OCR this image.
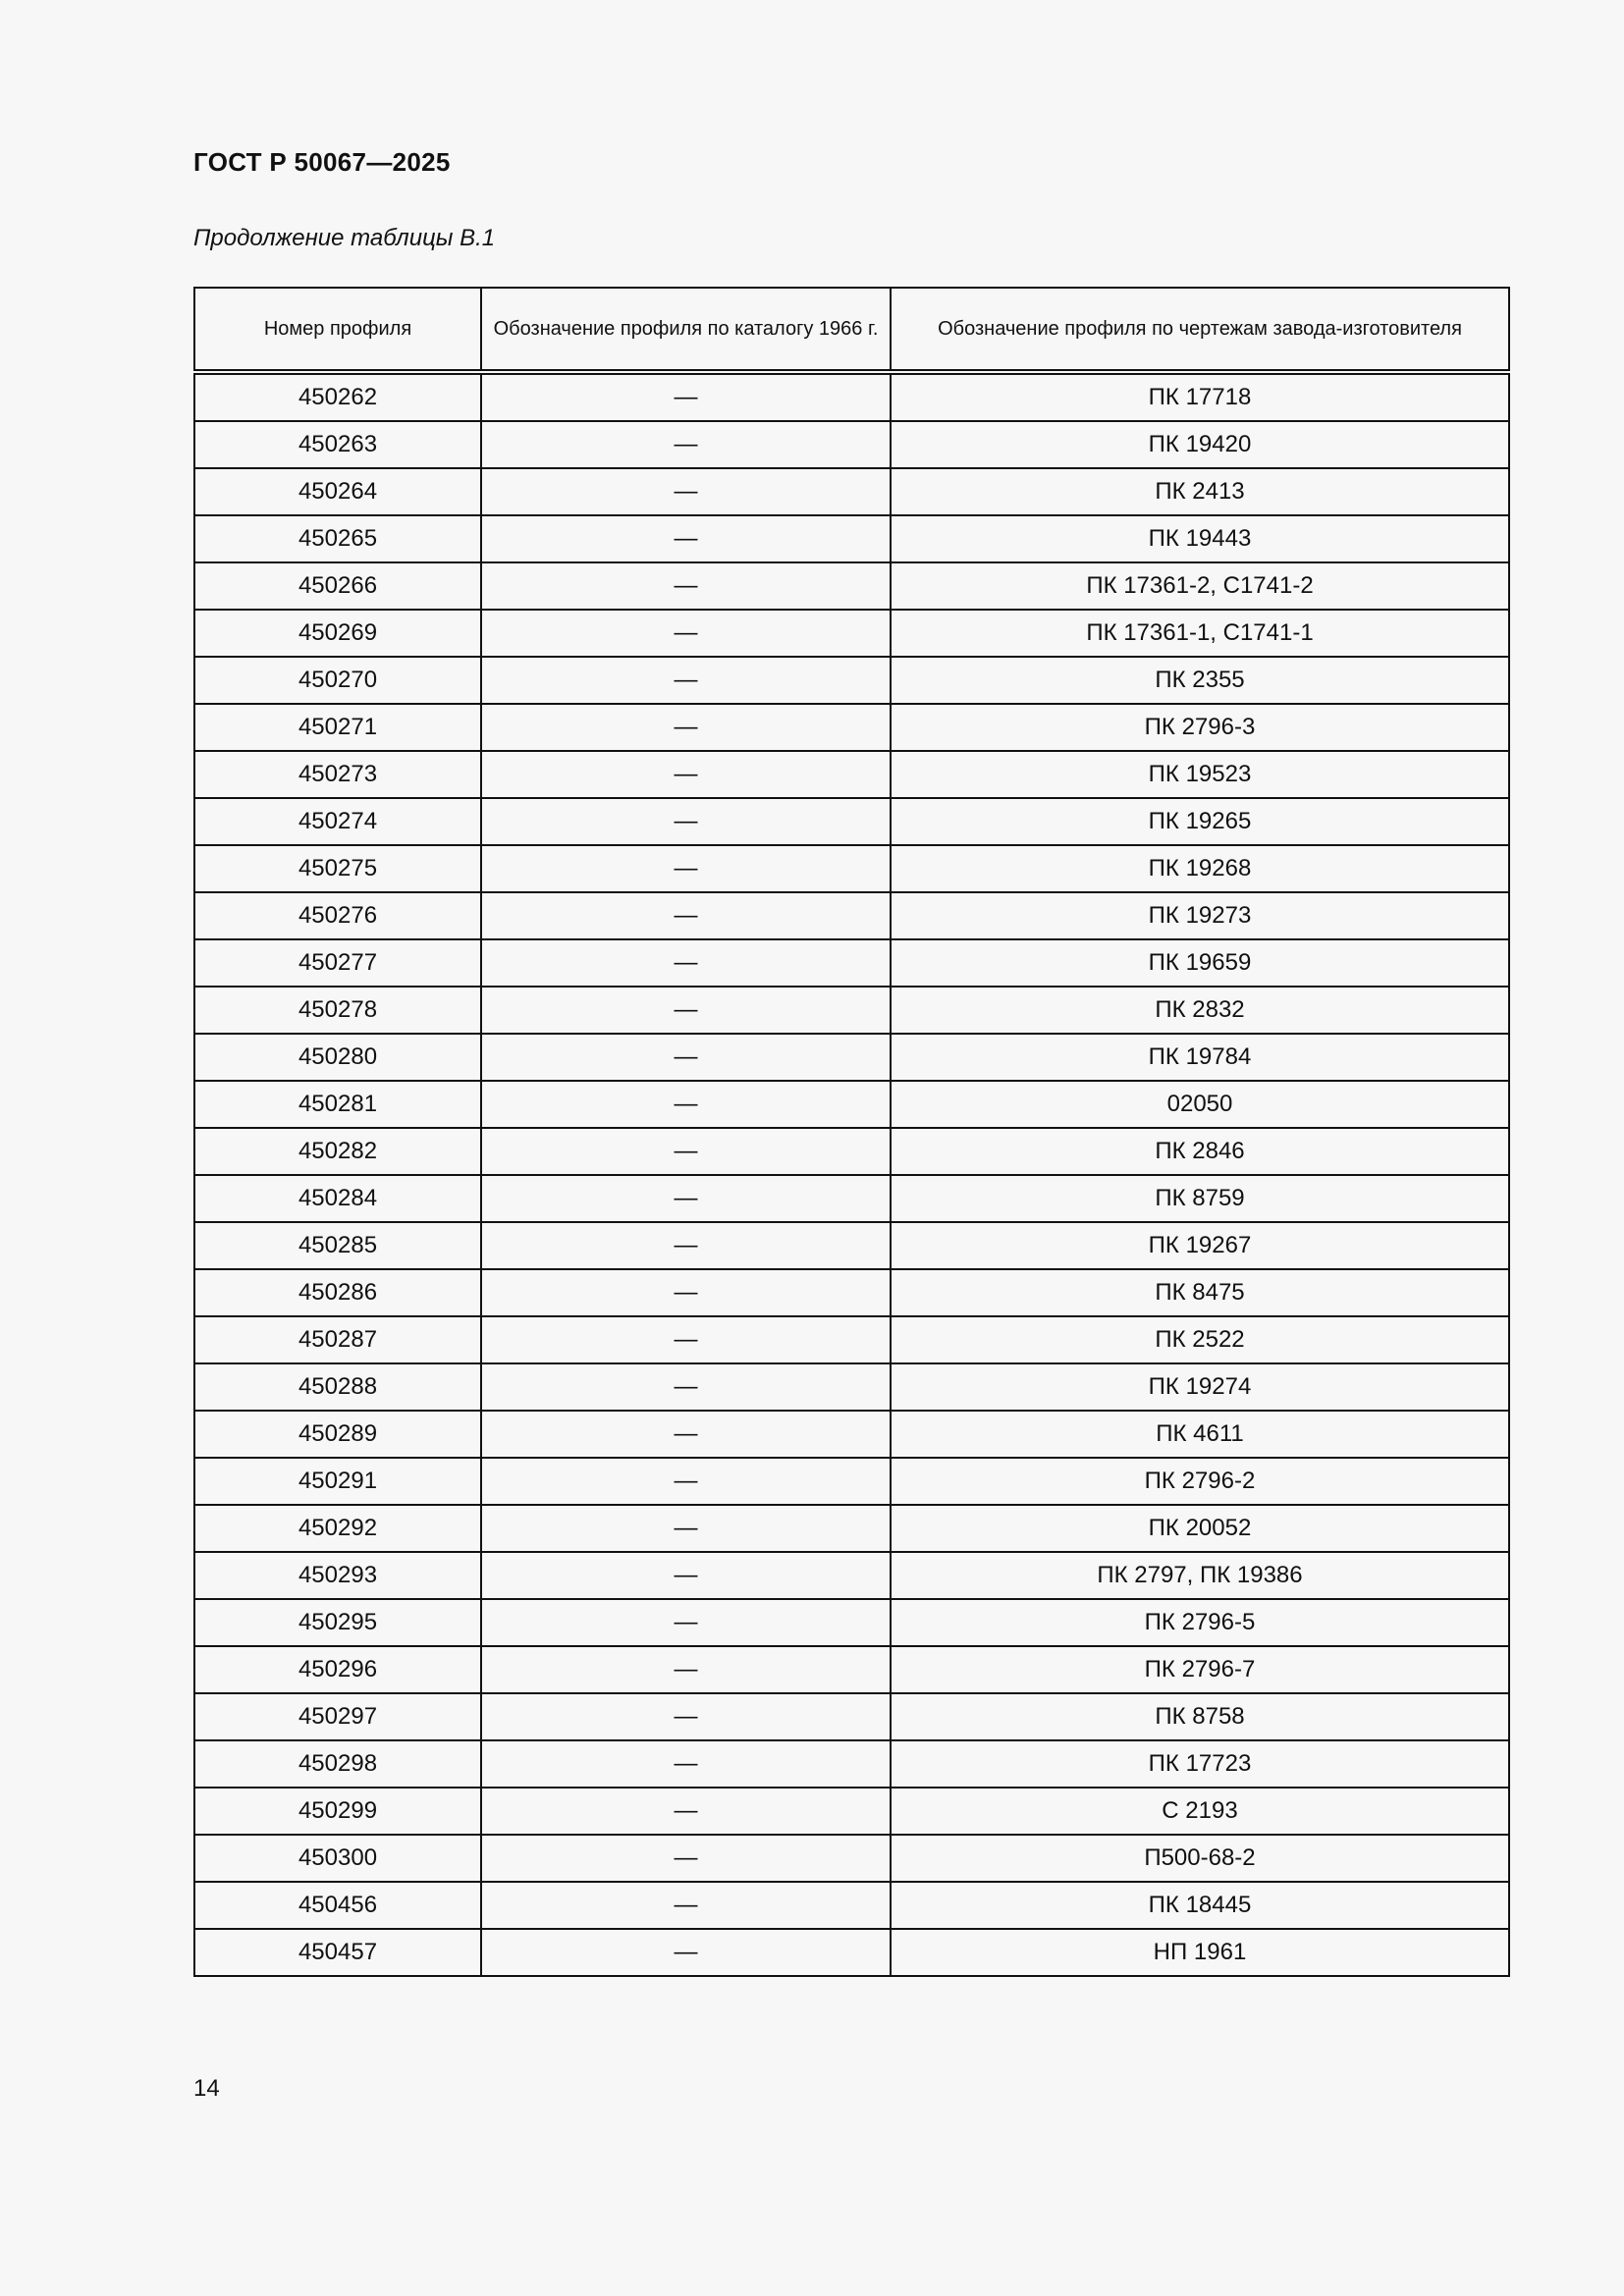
ГОСТ Р 50067—2025
Продолжение таблицы В.1
Номер профиля	Обозначение профиля по каталогу 1966 г.	Обозначение профиля по чертежам завода-изготовителя
450262	—	ПК 17718
450263	—	ПК 19420
450264	—	ПК 2413
450265	—	ПК 19443
450266	—	ПК 17361-2, С1741-2
450269	—	ПК 17361-1, С1741-1
450270	—	ПК 2355
450271	—	ПК 2796-3
450273	—	ПК 19523
450274	—	ПК 19265
450275	—	ПК 19268
450276	—	ПК 19273
450277	—	ПК 19659
450278	—	ПК 2832
450280	—	ПК 19784
450281	—	02050
450282	—	ПК 2846
450284	—	ПК 8759
450285	—	ПК 19267
450286	—	ПК 8475
450287	—	ПК 2522
450288	—	ПК 19274
450289	—	ПК 4611
450291	—	ПК 2796-2
450292	—	ПК 20052
450293	—	ПК 2797, ПК 19386
450295	—	ПК 2796-5
450296	—	ПК 2796-7
450297	—	ПК 8758
450298	—	ПК 17723
450299	—	С 2193
450300	—	П500-68-2
450456	—	ПК 18445
450457	—	НП 1961
14
